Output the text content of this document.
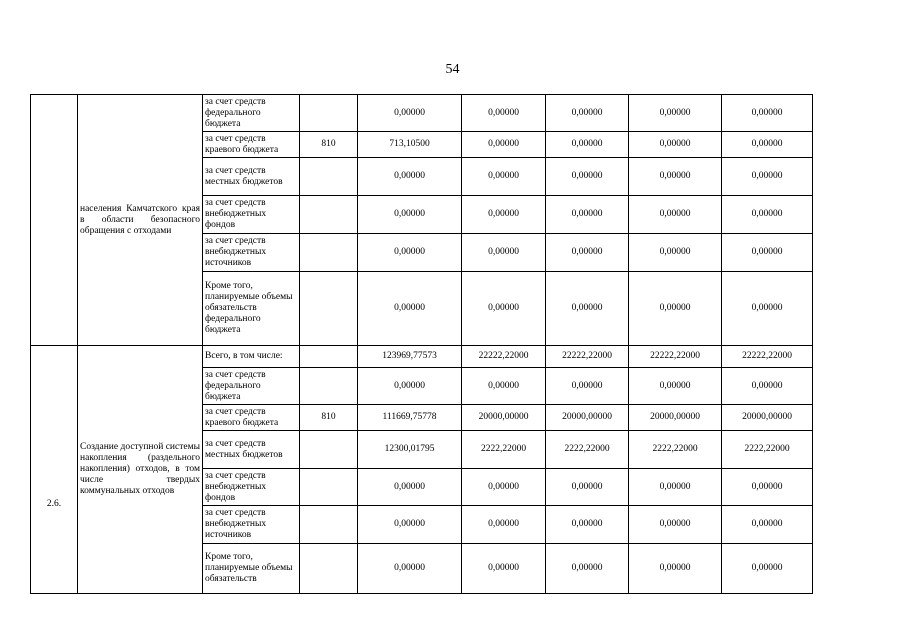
54
	населения Камчатского края в области безопасного обращения с отходами	за счет средств федерального бюджета		0,00000	0,00000	0,00000	0,00000	0,00000
		за счет средств краевого бюджета	810	713,10500	0,00000	0,00000	0,00000	0,00000
		за счет средств местных бюджетов		0,00000	0,00000	0,00000	0,00000	0,00000
		за счет средств внебюджетных фондов		0,00000	0,00000	0,00000	0,00000	0,00000
		за счет средств внебюджетных источников		0,00000	0,00000	0,00000	0,00000	0,00000
		Кроме того, планируемые объемы обязательств федерального бюджета		0,00000	0,00000	0,00000	0,00000	0,00000
2.6.	Создание доступной системы накопления (раздельного накопления) отходов, в том числе твердых коммунальных отходов	Всего, в том числе:		123969,77573	22222,22000	22222,22000	22222,22000	22222,22000
		за счет средств федерального бюджета		0,00000	0,00000	0,00000	0,00000	0,00000
		за счет средств краевого бюджета	810	111669,75778	20000,00000	20000,00000	20000,00000	20000,00000
		за счет средств местных бюджетов		12300,01795	2222,22000	2222,22000	2222,22000	2222,22000
		за счет средств внебюджетных фондов		0,00000	0,00000	0,00000	0,00000	0,00000
		за счет средств внебюджетных источников		0,00000	0,00000	0,00000	0,00000	0,00000
		Кроме того, планируемые объемы обязательств		0,00000	0,00000	0,00000	0,00000	0,00000
